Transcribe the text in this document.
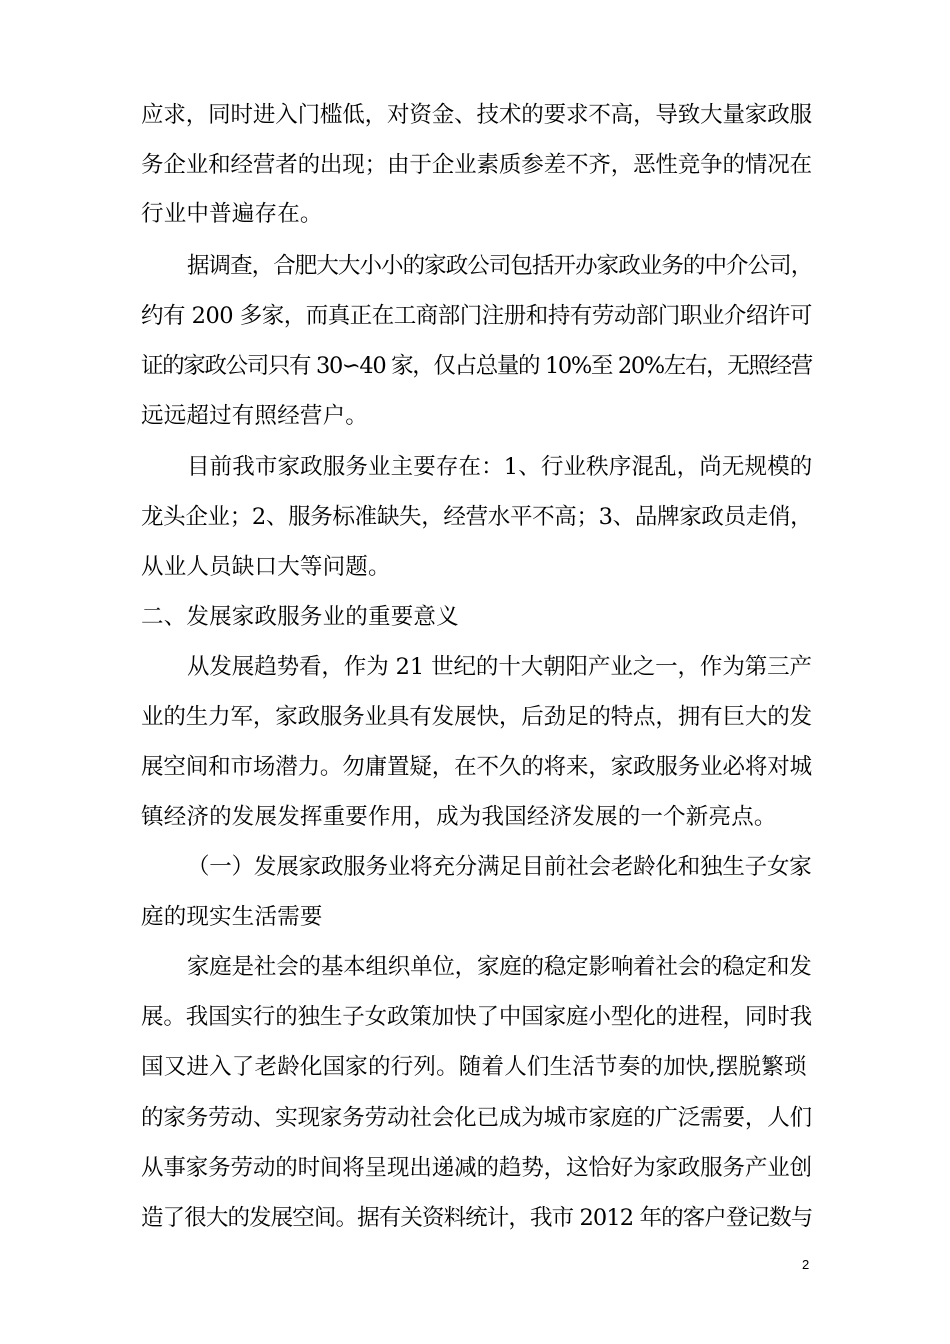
应求，同时进入门槛低，对资金、技术的要求不高，导致大量家政服

务企业和经营者的出现；由于企业素质参差不齐，恶性竞争的情况在

行业中普遍存在。

据调查，合肥大大小小的家政公司包括开办家政业务的中介公司，

约有 200 多家，而真正在工商部门注册和持有劳动部门职业介绍许可

证的家政公司只有 30∽40 家，仅占总量的 10%至 20%左右，无照经营

远远超过有照经营户。

目前我市家政服务业主要存在：1、行业秩序混乱，尚无规模的

龙头企业；2、服务标准缺失，经营水平不高；3、品牌家政员走俏，

从业人员缺口大等问题。

二、发展家政服务业的重要意义

从发展趋势看，作为 21 世纪的十大朝阳产业之一，作为第三产

业的生力军，家政服务业具有发展快，后劲足的特点，拥有巨大的发

展空间和市场潜力。勿庸置疑，在不久的将来，家政服务业必将对城

镇经济的发展发挥重要作用，成为我国经济发展的一个新亮点。

（一）发展家政服务业将充分满足目前社会老龄化和独生子女家

庭的现实生活需要

家庭是社会的基本组织单位，家庭的稳定影响着社会的稳定和发

展。我国实行的独生子女政策加快了中国家庭小型化的进程，同时我

国又进入了老龄化国家的行列。随着人们生活节奏的加快,摆脱繁琐

的家务劳动、实现家务劳动社会化已成为城市家庭的广泛需要，人们

从事家务劳动的时间将呈现出递减的趋势，这恰好为家政服务产业创

造了很大的发展空间。据有关资料统计，我市 2012 年的客户登记数与

2
